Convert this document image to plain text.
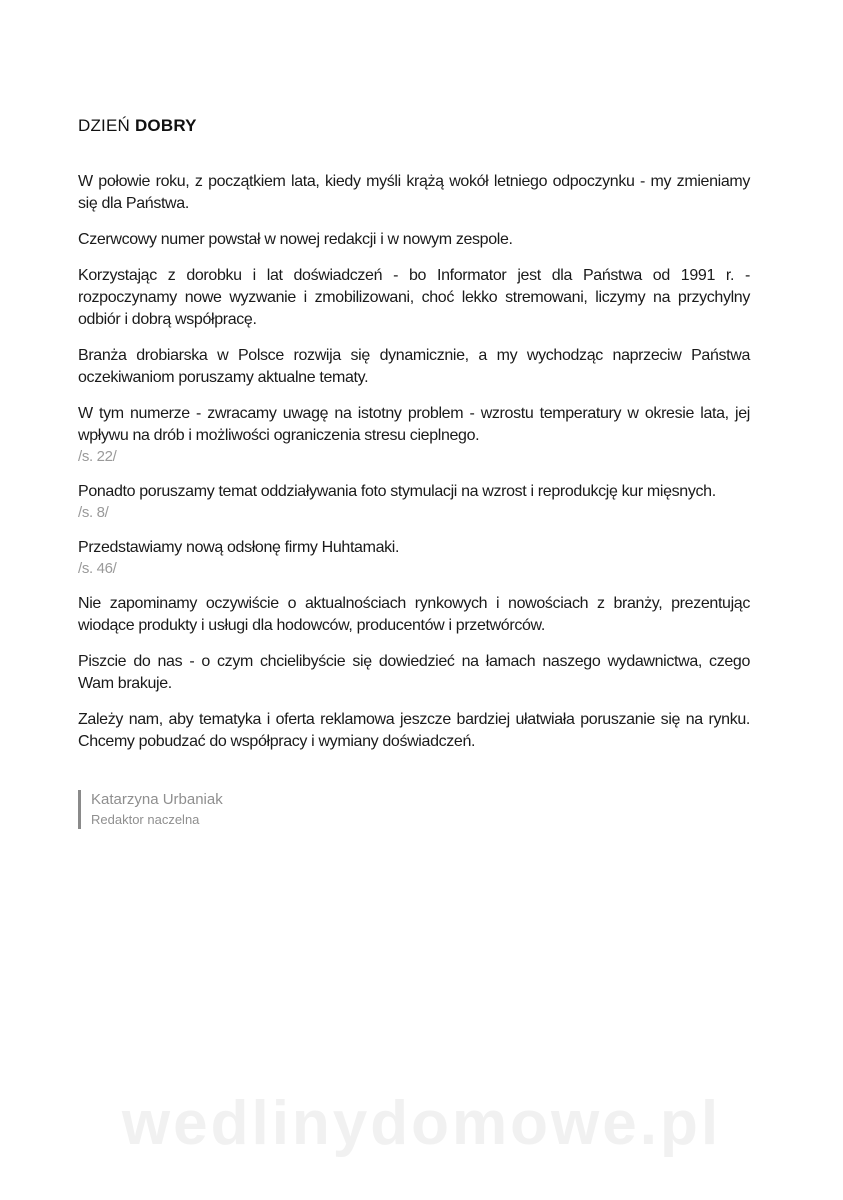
DZIEŃ DOBRY

W połowie roku, z początkiem lata, kiedy myśli krążą wokół letniego odpoczynku - my zmieniamy się dla Państwa.

Czerwcowy numer powstał w nowej redakcji i w nowym zespole.

Korzystając z dorobku i lat doświadczeń - bo Informator jest dla Państwa od 1991 r. - rozpoczynamy nowe wyzwanie i zmobilizowani, choć lekko stremowani, liczymy na przychylny odbiór i dobrą współpracę.

Branża drobiarska w Polsce rozwija się dynamicznie, a my wychodząc naprzeciw Państwa oczekiwaniom poruszamy aktualne tematy.

W tym numerze - zwracamy uwagę na istotny problem - wzrostu temperatury w okresie lata, jej wpływu na drób i możliwości ograniczenia stresu cieplnego.

/s. 22/

Ponadto poruszamy temat oddziaływania foto stymulacji na wzrost i reprodukcję kur mięsnych.

/s. 8/

Przedstawiamy nową odsłonę firmy Huhtamaki.

/s. 46/

Nie zapominamy oczywiście o aktualnościach rynkowych i nowościach z branży, prezentując wiodące produkty i usługi dla hodowców, producentów i przetwórców.

Piszcie do nas - o czym chcielibyście się dowiedzieć na łamach naszego wydawnictwa, czego Wam brakuje.

Zależy nam, aby tematyka i oferta reklamowa jeszcze bardziej ułatwiała poruszanie się na rynku. Chcemy pobudzać do współpracy i wymiany doświadczeń.

Katarzyna Urbaniak
Redaktor naczelna
wedlinydomowe.pl
